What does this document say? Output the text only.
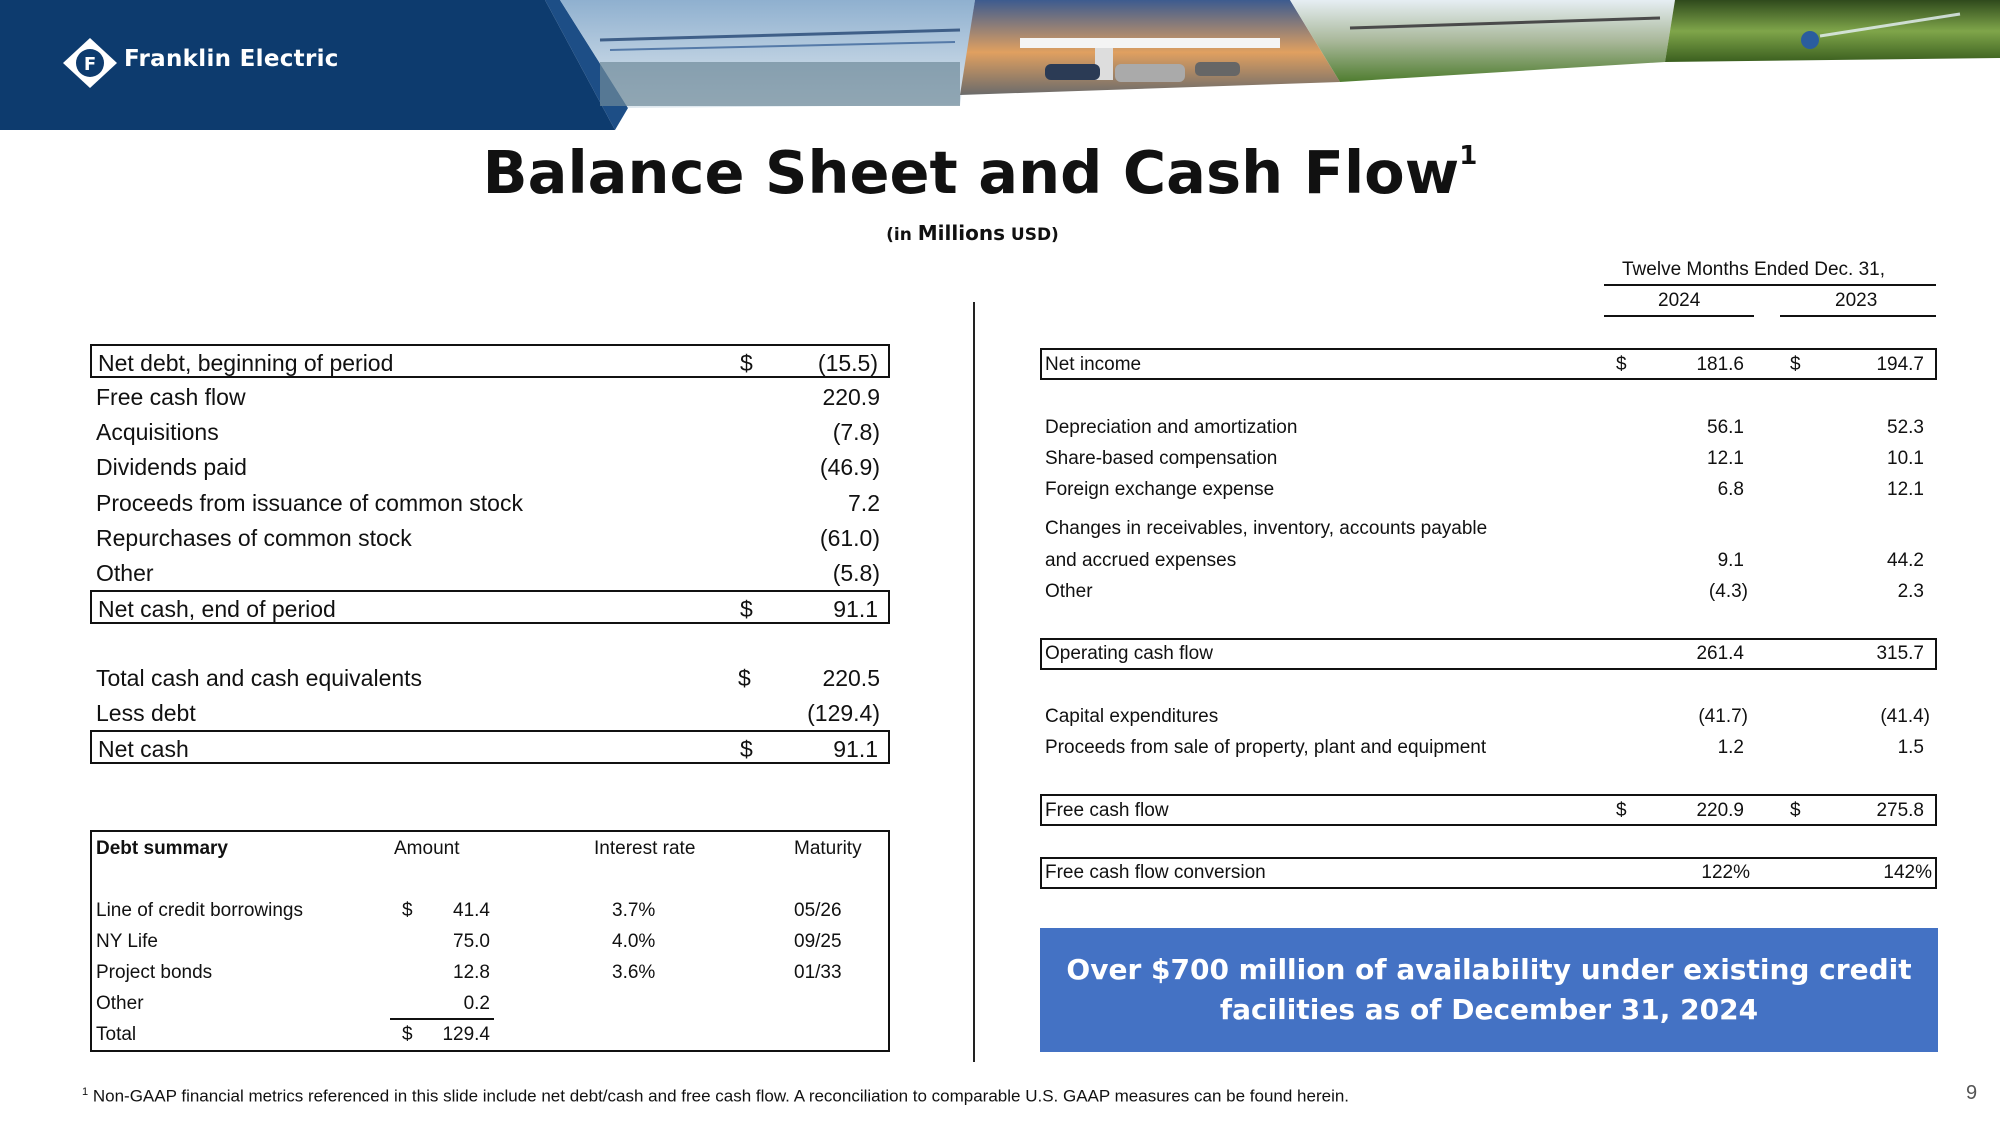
F Franklin Electric
Balance Sheet and Cash Flow$^1$
(in Millions USD)
Net debt, beginning of period	$	(15.5)
Free cash flow	220.9
Acquisitions	(7.8)
Dividends paid	(46.9)
Proceeds from issuance of common stock	7.2
Repurchases of common stock	(61.0)
Other	(5.8)
Net cash, end of period	$	91.1
Total cash and cash equivalents	$	220.5
Less debt	(129.4)
Net cash	$	91.1
Debt summary	Amount	Interest rate	Maturity
Line of credit borrowings	$	41.4	3.7%	05/26
NY Life	75.0	4.0%	09/25
Project bonds	12.8	3.6%	01/33
Other	0.2
Total	$	129.4
Twelve Months Ended Dec. 31,
2024	2023
Net income	$	181.6 $	194.7
Depreciation and amortization	56.1	52.3
Share-based compensation	12.1	10.1
Foreign exchange expense	6.8	12.1
Changes in receivables, inventory, accounts payable
and accrued expenses	9.1	44.2
Other	(4.3)	2.3
Operating cash flow	261.4	315.7
Capital expenditures	(41.7)	(41.4)
Proceeds from sale of property, plant and equipment	1.2	1.5
Free cash flow	$	220.9 $	275.8
Free cash flow conversion	122%	142%
Over $700 million of availability under existing credit
facilities as of December 31, 2024
$^1$ Non-GAAP financial metrics referenced in this slide include net debt/cash and free cash flow. A reconciliation to comparable U.S. GAAP measures can be found herein.	9
